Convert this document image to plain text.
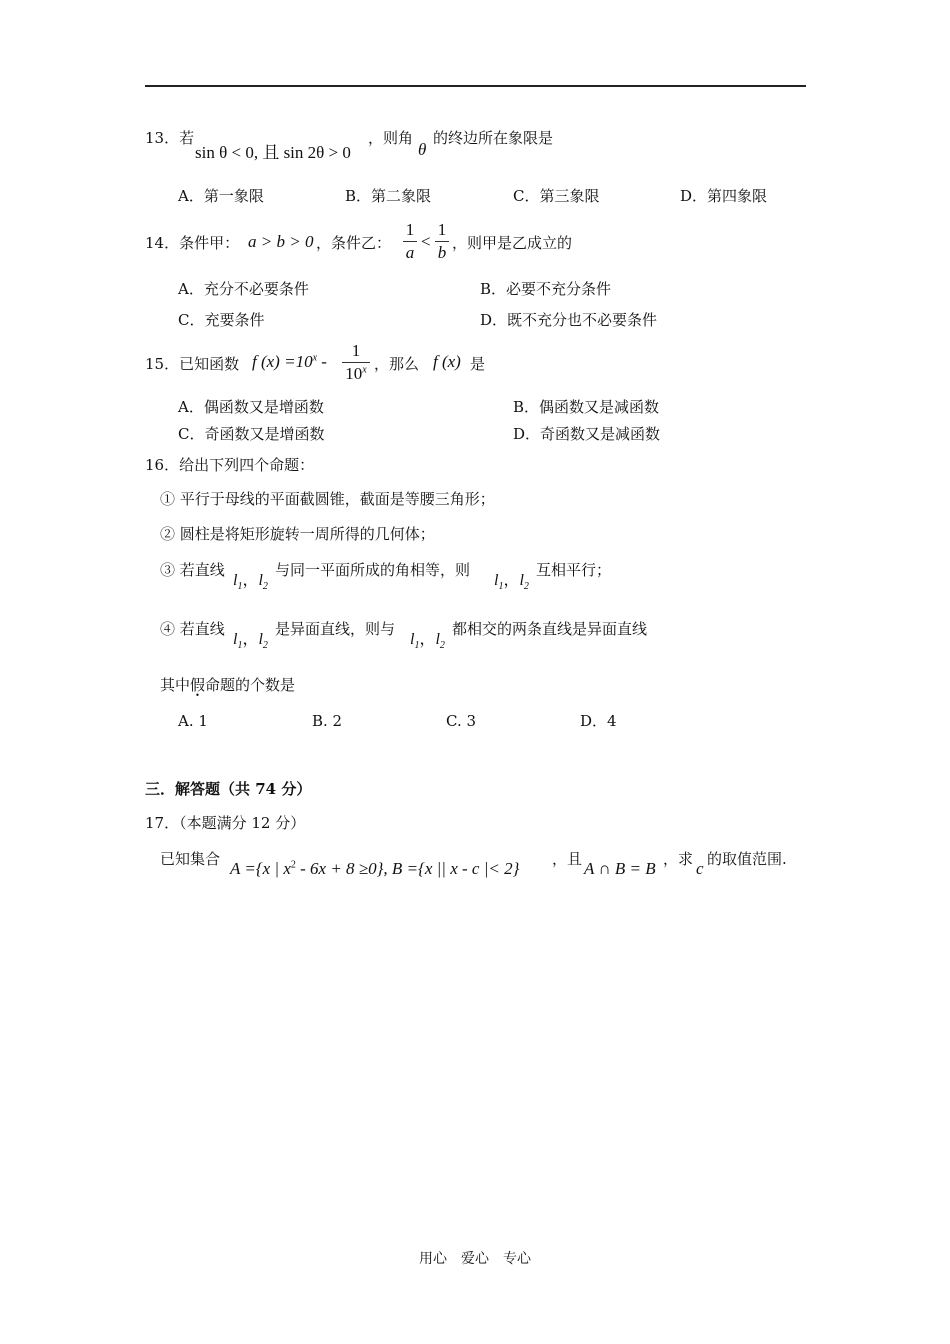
13．若
sin θ < 0, 且 sin 2θ > 0
，则角
θ
的终边所在象限是
A．第一象限	B．第二象限	C．第三象限	D．第四象限
14．条件甲： a > b > 0 ，条件乙：
1
a
<
1
b ，则甲是乙成立的
A．充分不必要条件	B．必要不充分条件
C．充要条件	D．既不充分也不必要条件
15．已知函数 f $(x) =10^x$ -
1
10$^x$ ，那么 f (x) 是
A．偶函数又是增函数	B．偶函数又是减函数
C．奇函数又是增函数	D．奇函数又是减函数
16．给出下列四个命题：
① 平行于母线的平面截圆锥，截面是等腰三角形；
② 圆柱是将矩形旋转一周所得的几何体；
③ 若直线
$l_1$，$l_2$
与同一平面所成的角相等，则
$l_1$，$l_2$
互相平行；
④ 若直线
$l_1$，$l_2$
是异面直线，则与
$l_1$，$l_2$
都相交的两条直线是异面直线
其中假命题的个数是
A. 1	B. 2	C. 3	D．4
三．解答题（共 74 分）
17．（本题满分 12 分）
已知集合 A ={x | $x^2 - 6x + 8 \ge 0$}, B ={x || x - c |< 2} ，且 A ∩ B = B ，求 c 的取值范围.
用心　爱心　专心
